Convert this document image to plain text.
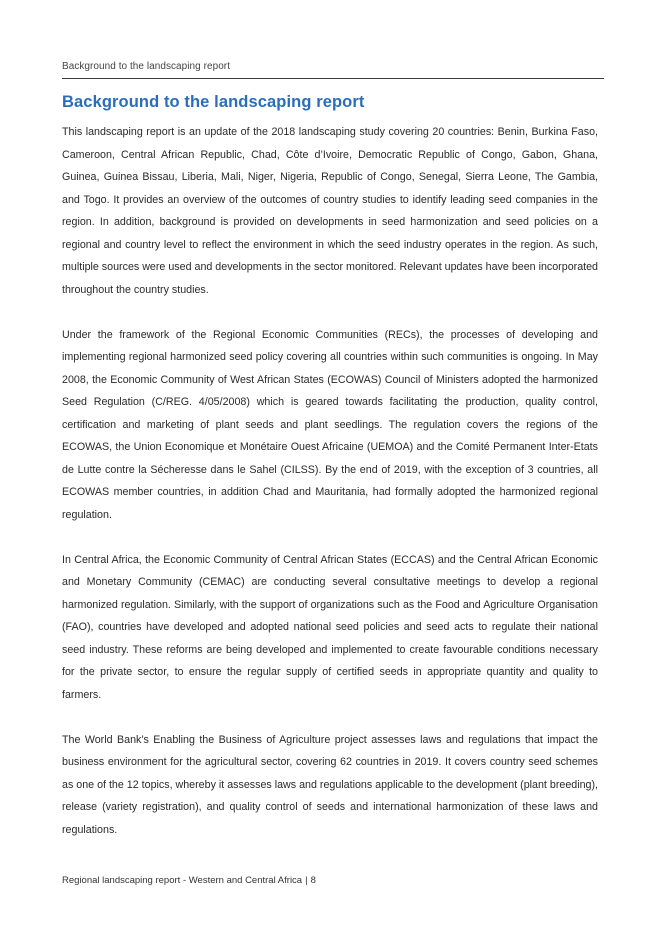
Background to the landscaping report
Background to the landscaping report

This landscaping report is an update of the 2018 landscaping study covering 20 countries: Benin, Burkina Faso, Cameroon, Central African Republic, Chad, Côte d’Ivoire, Democratic Republic of Congo, Gabon, Ghana, Guinea, Guinea Bissau, Liberia, Mali, Niger, Nigeria, Republic of Congo, Senegal, Sierra Leone, The Gambia, and Togo. It provides an overview of the outcomes of country studies to identify leading seed companies in the region. In addition, background is provided on developments in seed harmonization and seed policies on a regional and country level to reflect the environment in which the seed industry operates in the region. As such, multiple sources were used and developments in the sector monitored. Relevant updates have been incorporated throughout the country studies.

Under the framework of the Regional Economic Communities (RECs), the processes of developing and implementing regional harmonized seed policy covering all countries within such communities is ongoing. In May 2008, the Economic Community of West African States (ECOWAS) Council of Ministers adopted the harmonized Seed Regulation (C/REG. 4/05/2008) which is geared towards facilitating the production, quality control, certification and marketing of plant seeds and plant seedlings. The regulation covers the regions of the ECOWAS, the Union Economique et Monétaire Ouest Africaine (UEMOA) and the Comité Permanent Inter-Etats de Lutte contre la Sécheresse dans le Sahel (CILSS). By the end of 2019, with the exception of 3 countries, all ECOWAS member countries, in addition Chad and Mauritania, had formally adopted the harmonized regional regulation.

In Central Africa, the Economic Community of Central African States (ECCAS) and the Central African Economic and Monetary Community (CEMAC) are conducting several consultative meetings to develop a regional harmonized regulation. Similarly, with the support of organizations such as the Food and Agriculture Organisation (FAO), countries have developed and adopted national seed policies and seed acts to regulate their national seed industry. These reforms are being developed and implemented to create favourable conditions necessary for the private sector, to ensure the regular supply of certified seeds in appropriate quantity and quality to farmers.

The World Bank’s Enabling the Business of Agriculture project assesses laws and regulations that impact the business environment for the agricultural sector, covering 62 countries in 2019. It covers country seed schemes as one of the 12 topics, whereby it assesses laws and regulations applicable to the development (plant breeding), release (variety registration), and quality control of seeds and international harmonization of these laws and regulations.

Regional landscaping report - Western and Central Africa | 8
